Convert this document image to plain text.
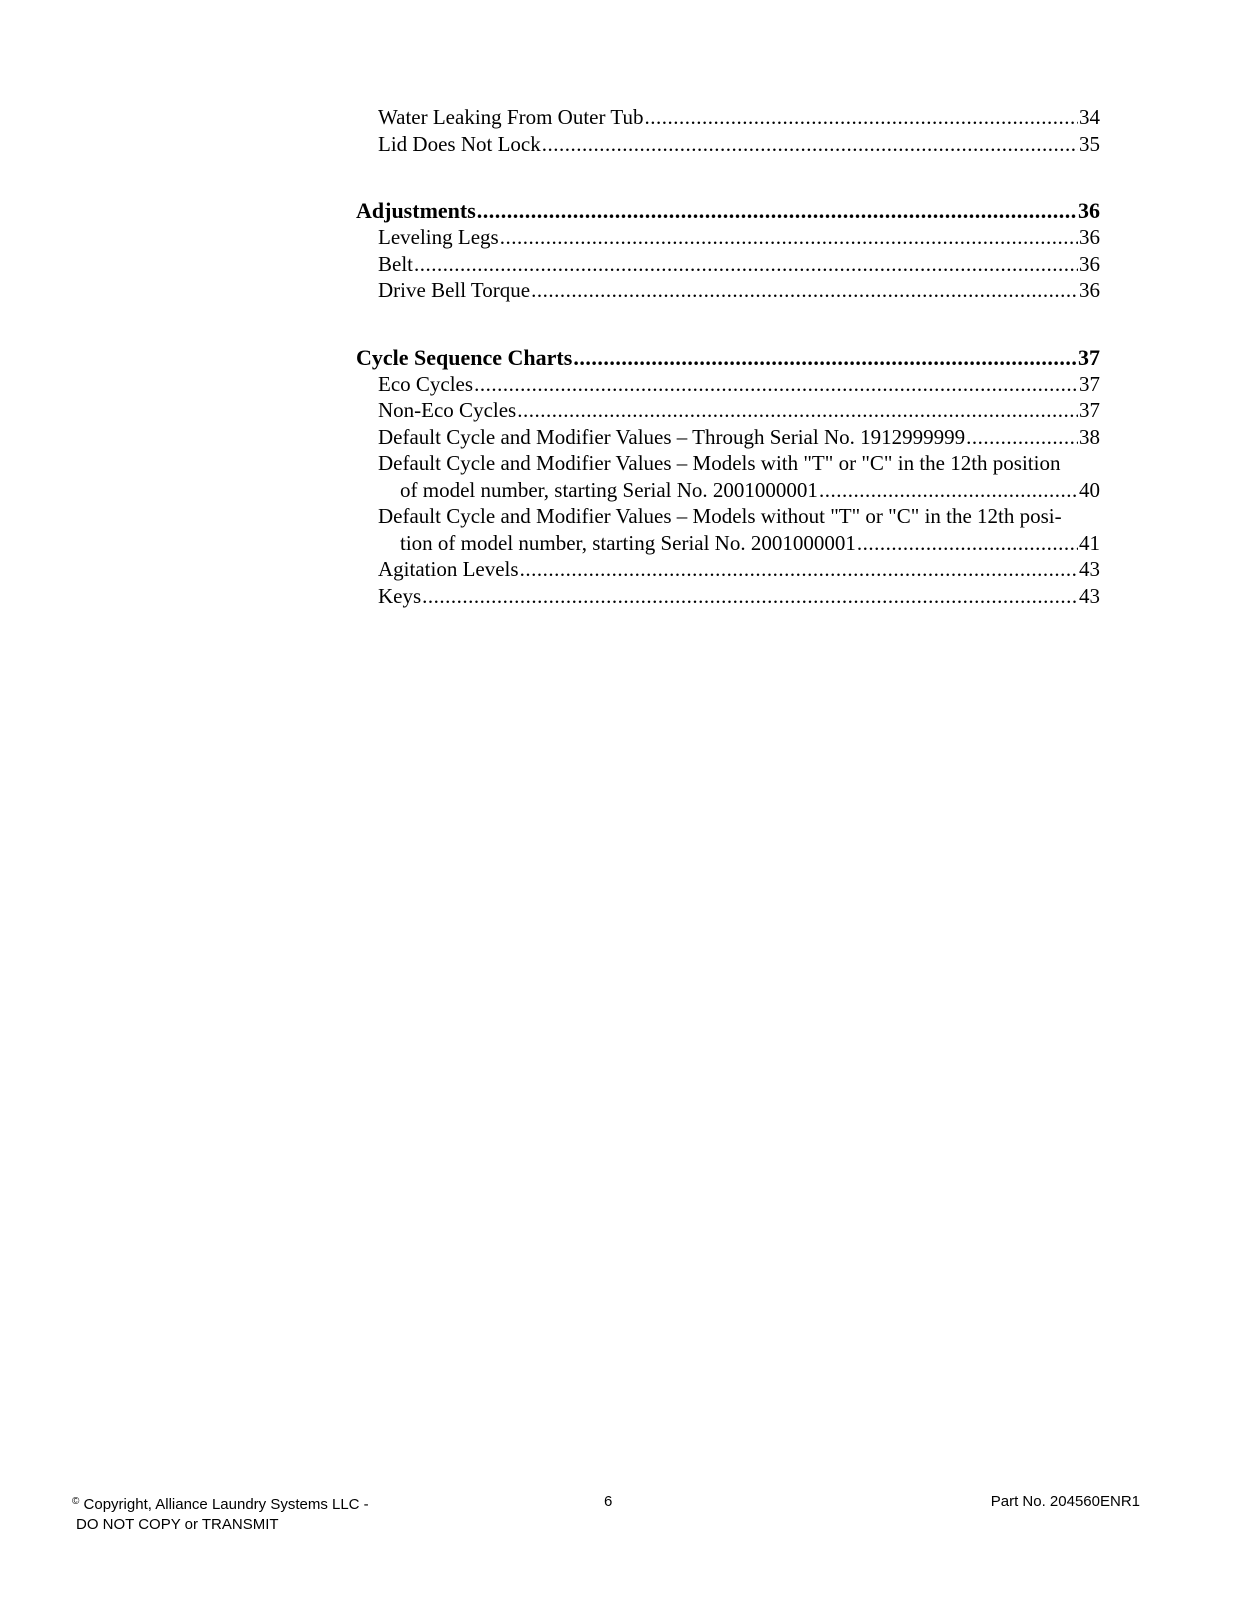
Water Leaking From Outer Tub .....	34
Lid Does Not Lock .....	35
Adjustments .....	36
Leveling Legs .....	36
Belt .....	36
Drive Bell Torque .....	36
Cycle Sequence Charts .....	37
Eco Cycles .....	37
Non-Eco Cycles .....	37
Default Cycle and Modifier Values – Through Serial No. 1912999999 .....	38
Default Cycle and Modifier Values – Models with "T" or "C" in the 12th position
of model number, starting Serial No. 2001000001 .....	40
Default Cycle and Modifier Values – Models without "T" or "C" in the 12th posi-
tion of model number, starting Serial No. 2001000001 .....	41
Agitation Levels .....	43
Keys .....	43
© Copyright, Alliance Laundry Systems LLC -
DO NOT COPY or TRANSMIT
6	Part No. 204560ENR1
